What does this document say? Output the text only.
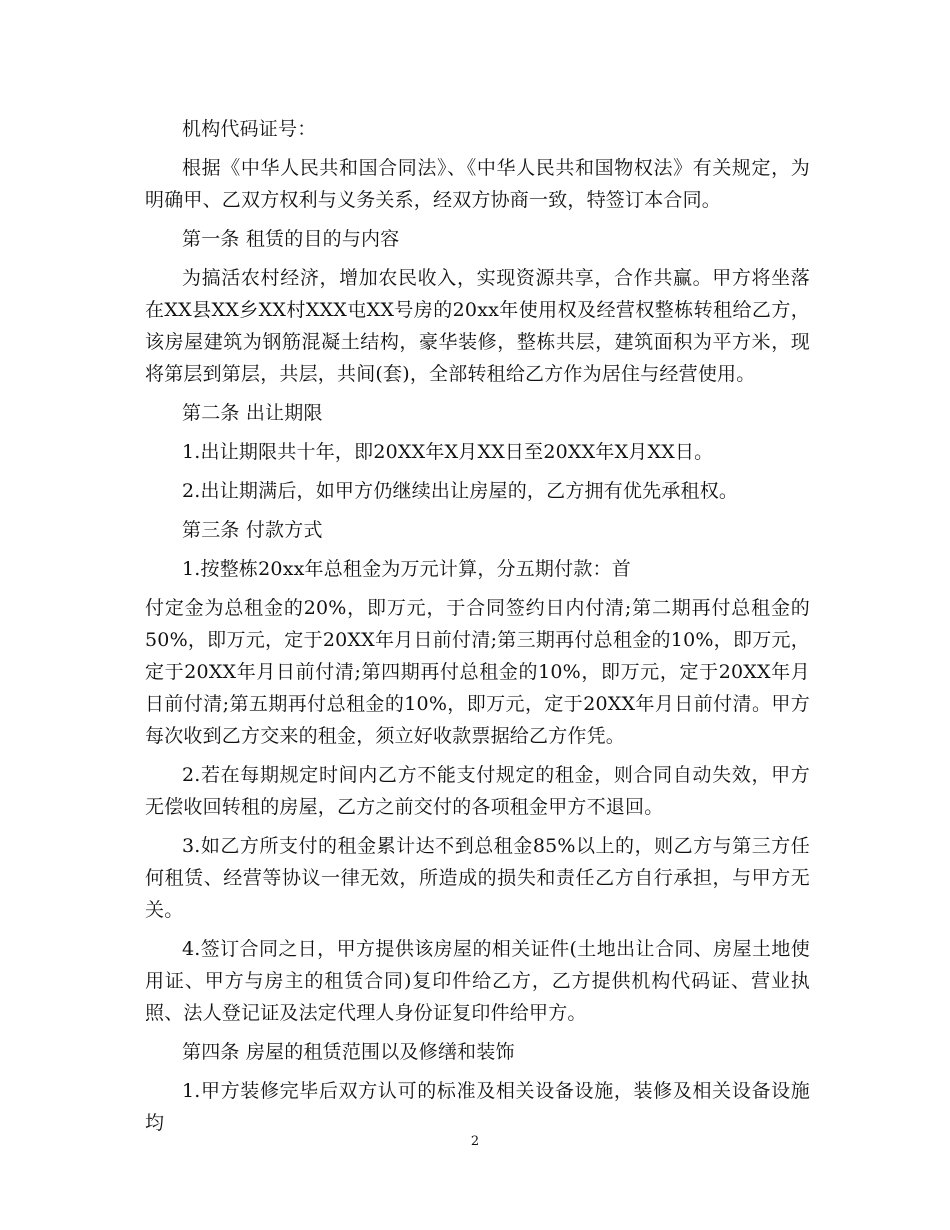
机构代码证号：

根据《中华人民共和国合同法》、《中华人民共和国物权法》有关规定，为明确甲、乙双方权利与义务关系，经双方协商一致，特签订本合同。

第一条 租赁的目的与内容

为搞活农村经济，增加农民收入，实现资源共享，合作共赢。甲方将坐落在XX县XX乡XX村XXX屯XX号房的20xx年使用权及经营权整栋转租给乙方，该房屋建筑为钢筋混凝土结构，豪华装修，整栋共层，建筑面积为平方米，现将第层到第层，共层，共间(套)，全部转租给乙方作为居住与经营使用。

第二条 出让期限

1.出让期限共十年，即20XX年X月XX日至20XX年X月XX日。

2.出让期满后，如甲方仍继续出让房屋的，乙方拥有优先承租权。

第三条 付款方式

1.按整栋20xx年总租金为万元计算，分五期付款：首

付定金为总租金的20%，即万元，于合同签约日内付清;第二期再付总租金的50%，即万元，定于20XX年月日前付清;第三期再付总租金的10%，即万元，定于20XX年月日前付清;第四期再付总租金的10%，即万元，定于20XX年月日前付清;第五期再付总租金的10%，即万元，定于20XX年月日前付清。甲方每次收到乙方交来的租金，须立好收款票据给乙方作凭。

2.若在每期规定时间内乙方不能支付规定的租金，则合同自动失效，甲方无偿收回转租的房屋，乙方之前交付的各项租金甲方不退回。

3.如乙方所支付的租金累计达不到总租金85%以上的，则乙方与第三方任何租赁、经营等协议一律无效，所造成的损失和责任乙方自行承担，与甲方无关。

4.签订合同之日，甲方提供该房屋的相关证件(土地出让合同、房屋土地使用证、甲方与房主的租赁合同)复印件给乙方，乙方提供机构代码证、营业执照、法人登记证及法定代理人身份证复印件给甲方。

第四条 房屋的租赁范围以及修缮和装饰

1.甲方装修完毕后双方认可的标准及相关设备设施，装修及相关设备设施均

2
